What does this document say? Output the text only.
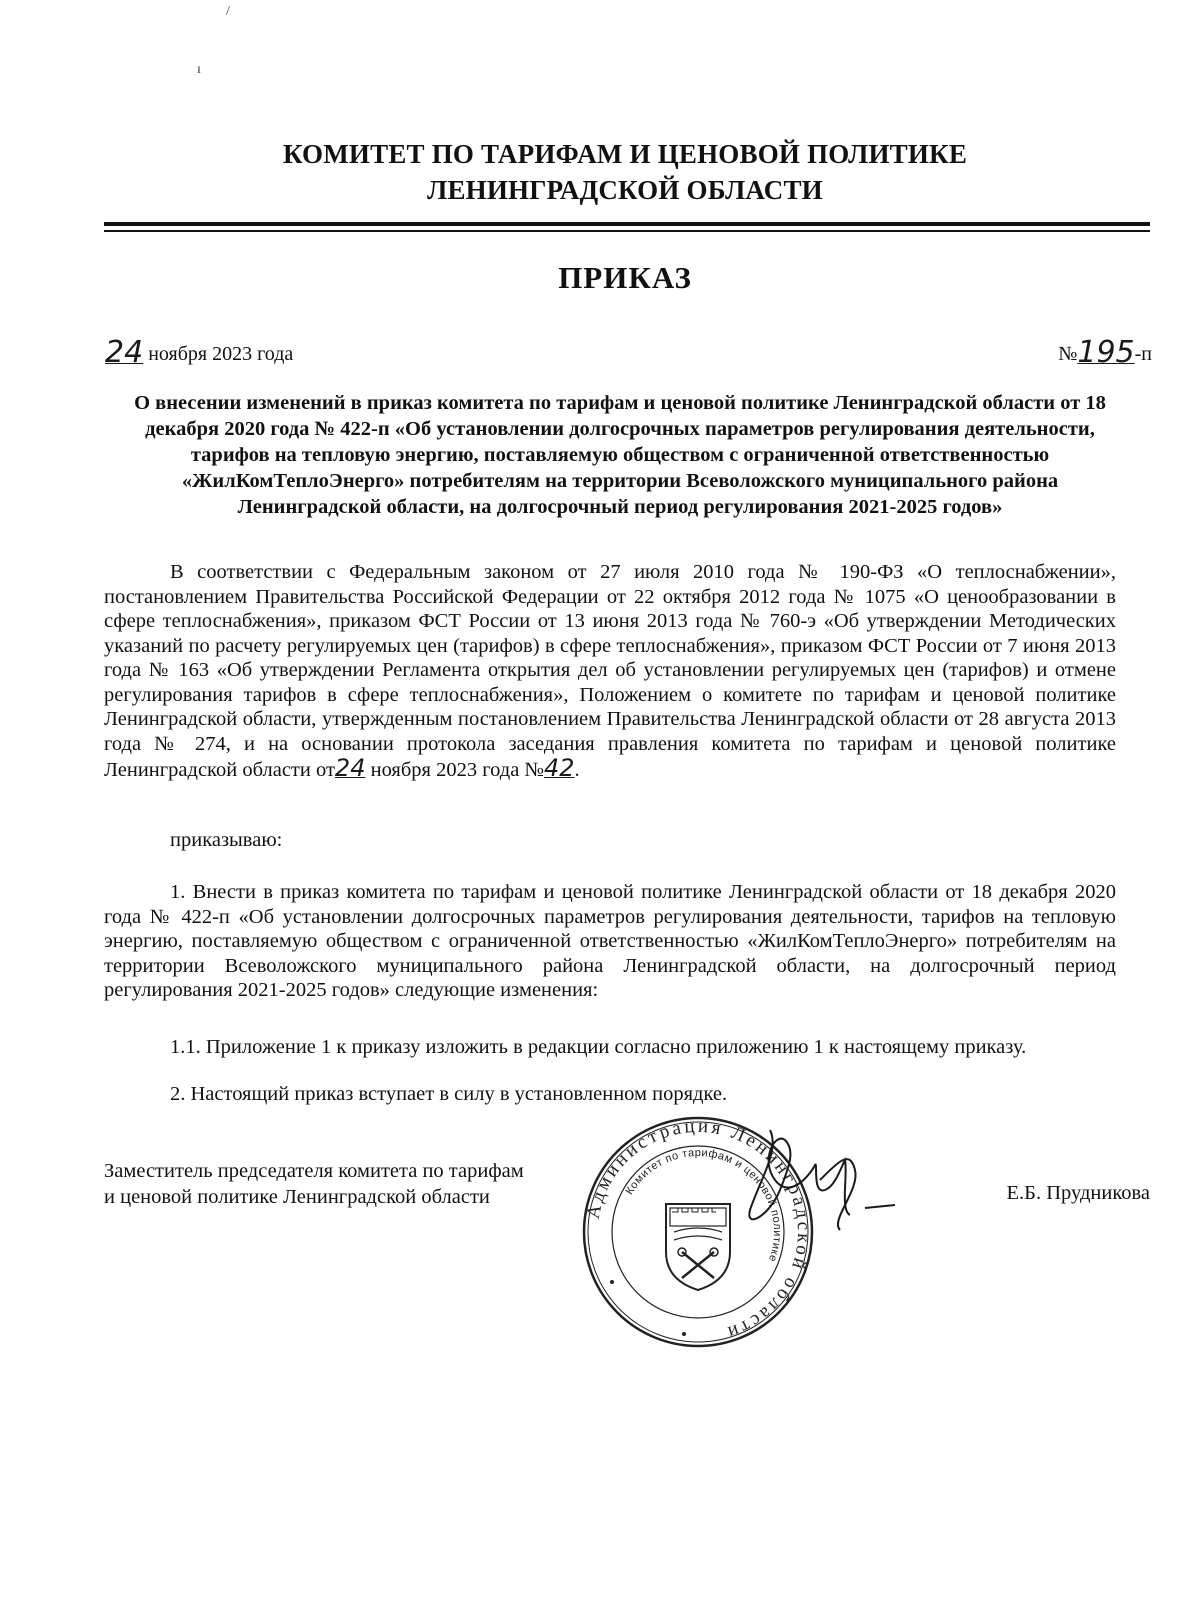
/
ı
КОМИТЕТ ПО ТАРИФАМ И ЦЕНОВОЙ ПОЛИТИКЕ
ЛЕНИНГРАДСКОЙ ОБЛАСТИ
ПРИКАЗ
24 ноября 2023 года	№195-п
О внесении изменений в приказ комитета по тарифам и ценовой политике Ленинградской области от 18 декабря 2020 года № 422-п «Об установлении долгосрочных параметров регулирования деятельности, тарифов на тепловую энергию, поставляемую обществом с ограниченной ответственностью «ЖилКомТеплоЭнерго» потребителям на территории Всеволожского муниципального района Ленинградской области, на долгосрочный период регулирования 2021-2025 годов»
В соответствии с Федеральным законом от 27 июля 2010 года № 190-ФЗ «О теплоснабжении», постановлением Правительства Российской Федерации от 22 октября 2012 года № 1075 «О ценообразовании в сфере теплоснабжения», приказом ФСТ России от 13 июня 2013 года № 760-э «Об утверждении Методических указаний по расчету регулируемых цен (тарифов) в сфере теплоснабжения», приказом ФСТ России от 7 июня 2013 года № 163 «Об утверждении Регламента открытия дел об установлении регулируемых цен (тарифов) и отмене регулирования тарифов в сфере теплоснабжения», Положением о комитете по тарифам и ценовой политике Ленинградской области, утвержденным постановлением Правительства Ленинградской области от 28 августа 2013 года № 274, и на основании протокола заседания правления комитета по тарифам и ценовой политике Ленинградской области от24 ноября 2023 года №42.
приказываю:
1. Внести в приказ комитета по тарифам и ценовой политике Ленинградской области от 18 декабря 2020 года № 422-п «Об установлении долгосрочных параметров регулирования деятельности, тарифов на тепловую энергию, поставляемую обществом с ограниченной ответственностью «ЖилКомТеплоЭнерго» потребителям на территории Всеволожского муниципального района Ленинградской области, на долгосрочный период регулирования 2021-2025 годов» следующие изменения:
1.1. Приложение 1 к приказу изложить в редакции согласно приложению 1 к настоящему приказу.
2. Настоящий приказ вступает в силу в установленном порядке.
Заместитель председателя комитета по тарифам
и ценовой политике Ленинградской области
Администрация Ленинградской области
Комитет по тарифам и ценовой политике
Е.Б. Прудникова
